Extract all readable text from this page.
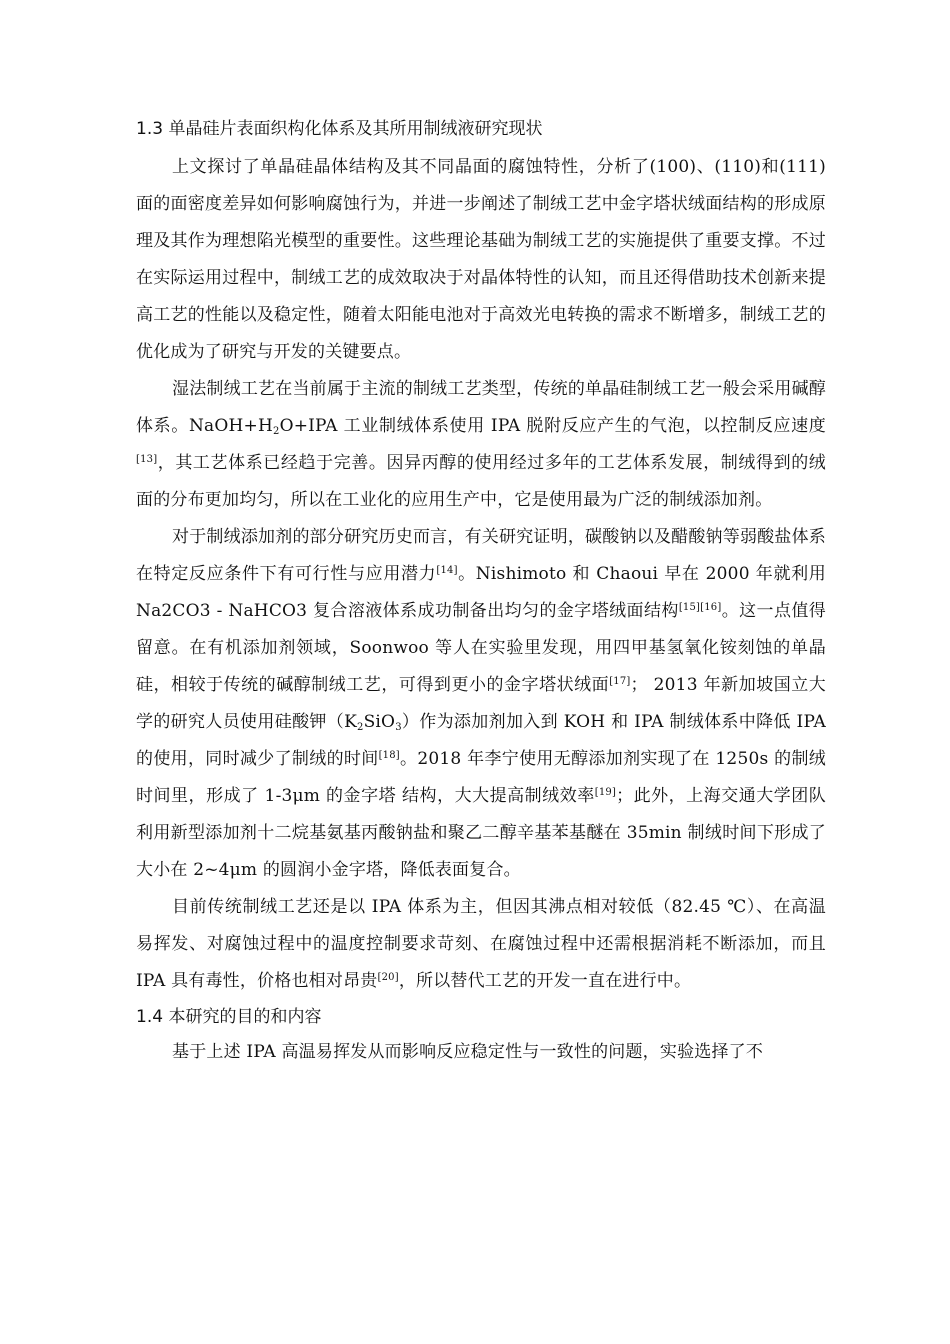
1.3 单晶硅片表面织构化体系及其所用制绒液研究现状

上文探讨了单晶硅晶体结构及其不同晶面的腐蚀特性，分析了(100)、(110)和(111)面的面密度差异如何影响腐蚀行为，并进一步阐述了制绒工艺中金字塔状绒面结构的形成原理及其作为理想陷光模型的重要性。这些理论基础为制绒工艺的实施提供了重要支撑。不过在实际运用过程中，制绒工艺的成效取决于对晶体特性的认知，而且还得借助技术创新来提高工艺的性能以及稳定性，随着太阳能电池对于高效光电转换的需求不断增多，制绒工艺的优化成为了研究与开发的关键要点。

湿法制绒工艺在当前属于主流的制绒工艺类型，传统的单晶硅制绒工艺一般会采用碱醇体系。$NaOH+H_2O+IPA$ 工业制绒体系使用 IPA 脱附反应产生的气泡，以控制反应速度[13]，其工艺体系已经趋于完善。因异丙醇的使用经过多年的工艺体系发展，制绒得到的绒面的分布更加均匀，所以在工业化的应用生产中，它是使用最为广泛的制绒添加剂。

对于制绒添加剂的部分研究历史而言，有关研究证明，碳酸钠以及醋酸钠等弱酸盐体系在特定反应条件下有可行性与应用潜力[14]。Nishimoto 和 Chaoui 早在 2000 年就利用 Na2CO3 - NaHCO3 复合溶液体系成功制备出均匀的金字塔绒面结构[15][16]。这一点值得留意。在有机添加剂领域，Soonwoo 等人在实验里发现，用四甲基氢氧化铵刻蚀的单晶硅，相较于传统的碱醇制绒工艺，可得到更小的金字塔状绒面[17]； 2013 年新加坡国立大学的研究人员使用硅酸钾$(K_2SiO_3)$作为添加剂加入到 KOH 和 IPA 制绒体系中降低 IPA 的使用，同时减少了制绒的时间[18]。2018 年李宁使用无醇添加剂实现了在 1250s 的制绒时间里，形成了 1-3μm 的金字塔 结构，大大提高制绒效率[19]；此外，上海交通大学团队利用新型添加剂十二烷基氨基丙酸钠盐和聚乙二醇辛基苯基醚在 35min 制绒时间下形成了大小在 2~4μm 的圆润小金字塔，降低表面复合。

目前传统制绒工艺还是以 IPA 体系为主，但因其沸点相对较低（82.45 ℃）、在高温易挥发、对腐蚀过程中的温度控制要求苛刻、在腐蚀过程中还需根据消耗不断添加，而且 IPA 具有毒性，价格也相对昂贵[20]，所以替代工艺的开发一直在进行中。

1.4 本研究的目的和内容

基于上述 IPA 高温易挥发从而影响反应稳定性与一致性的问题，实验选择了不
